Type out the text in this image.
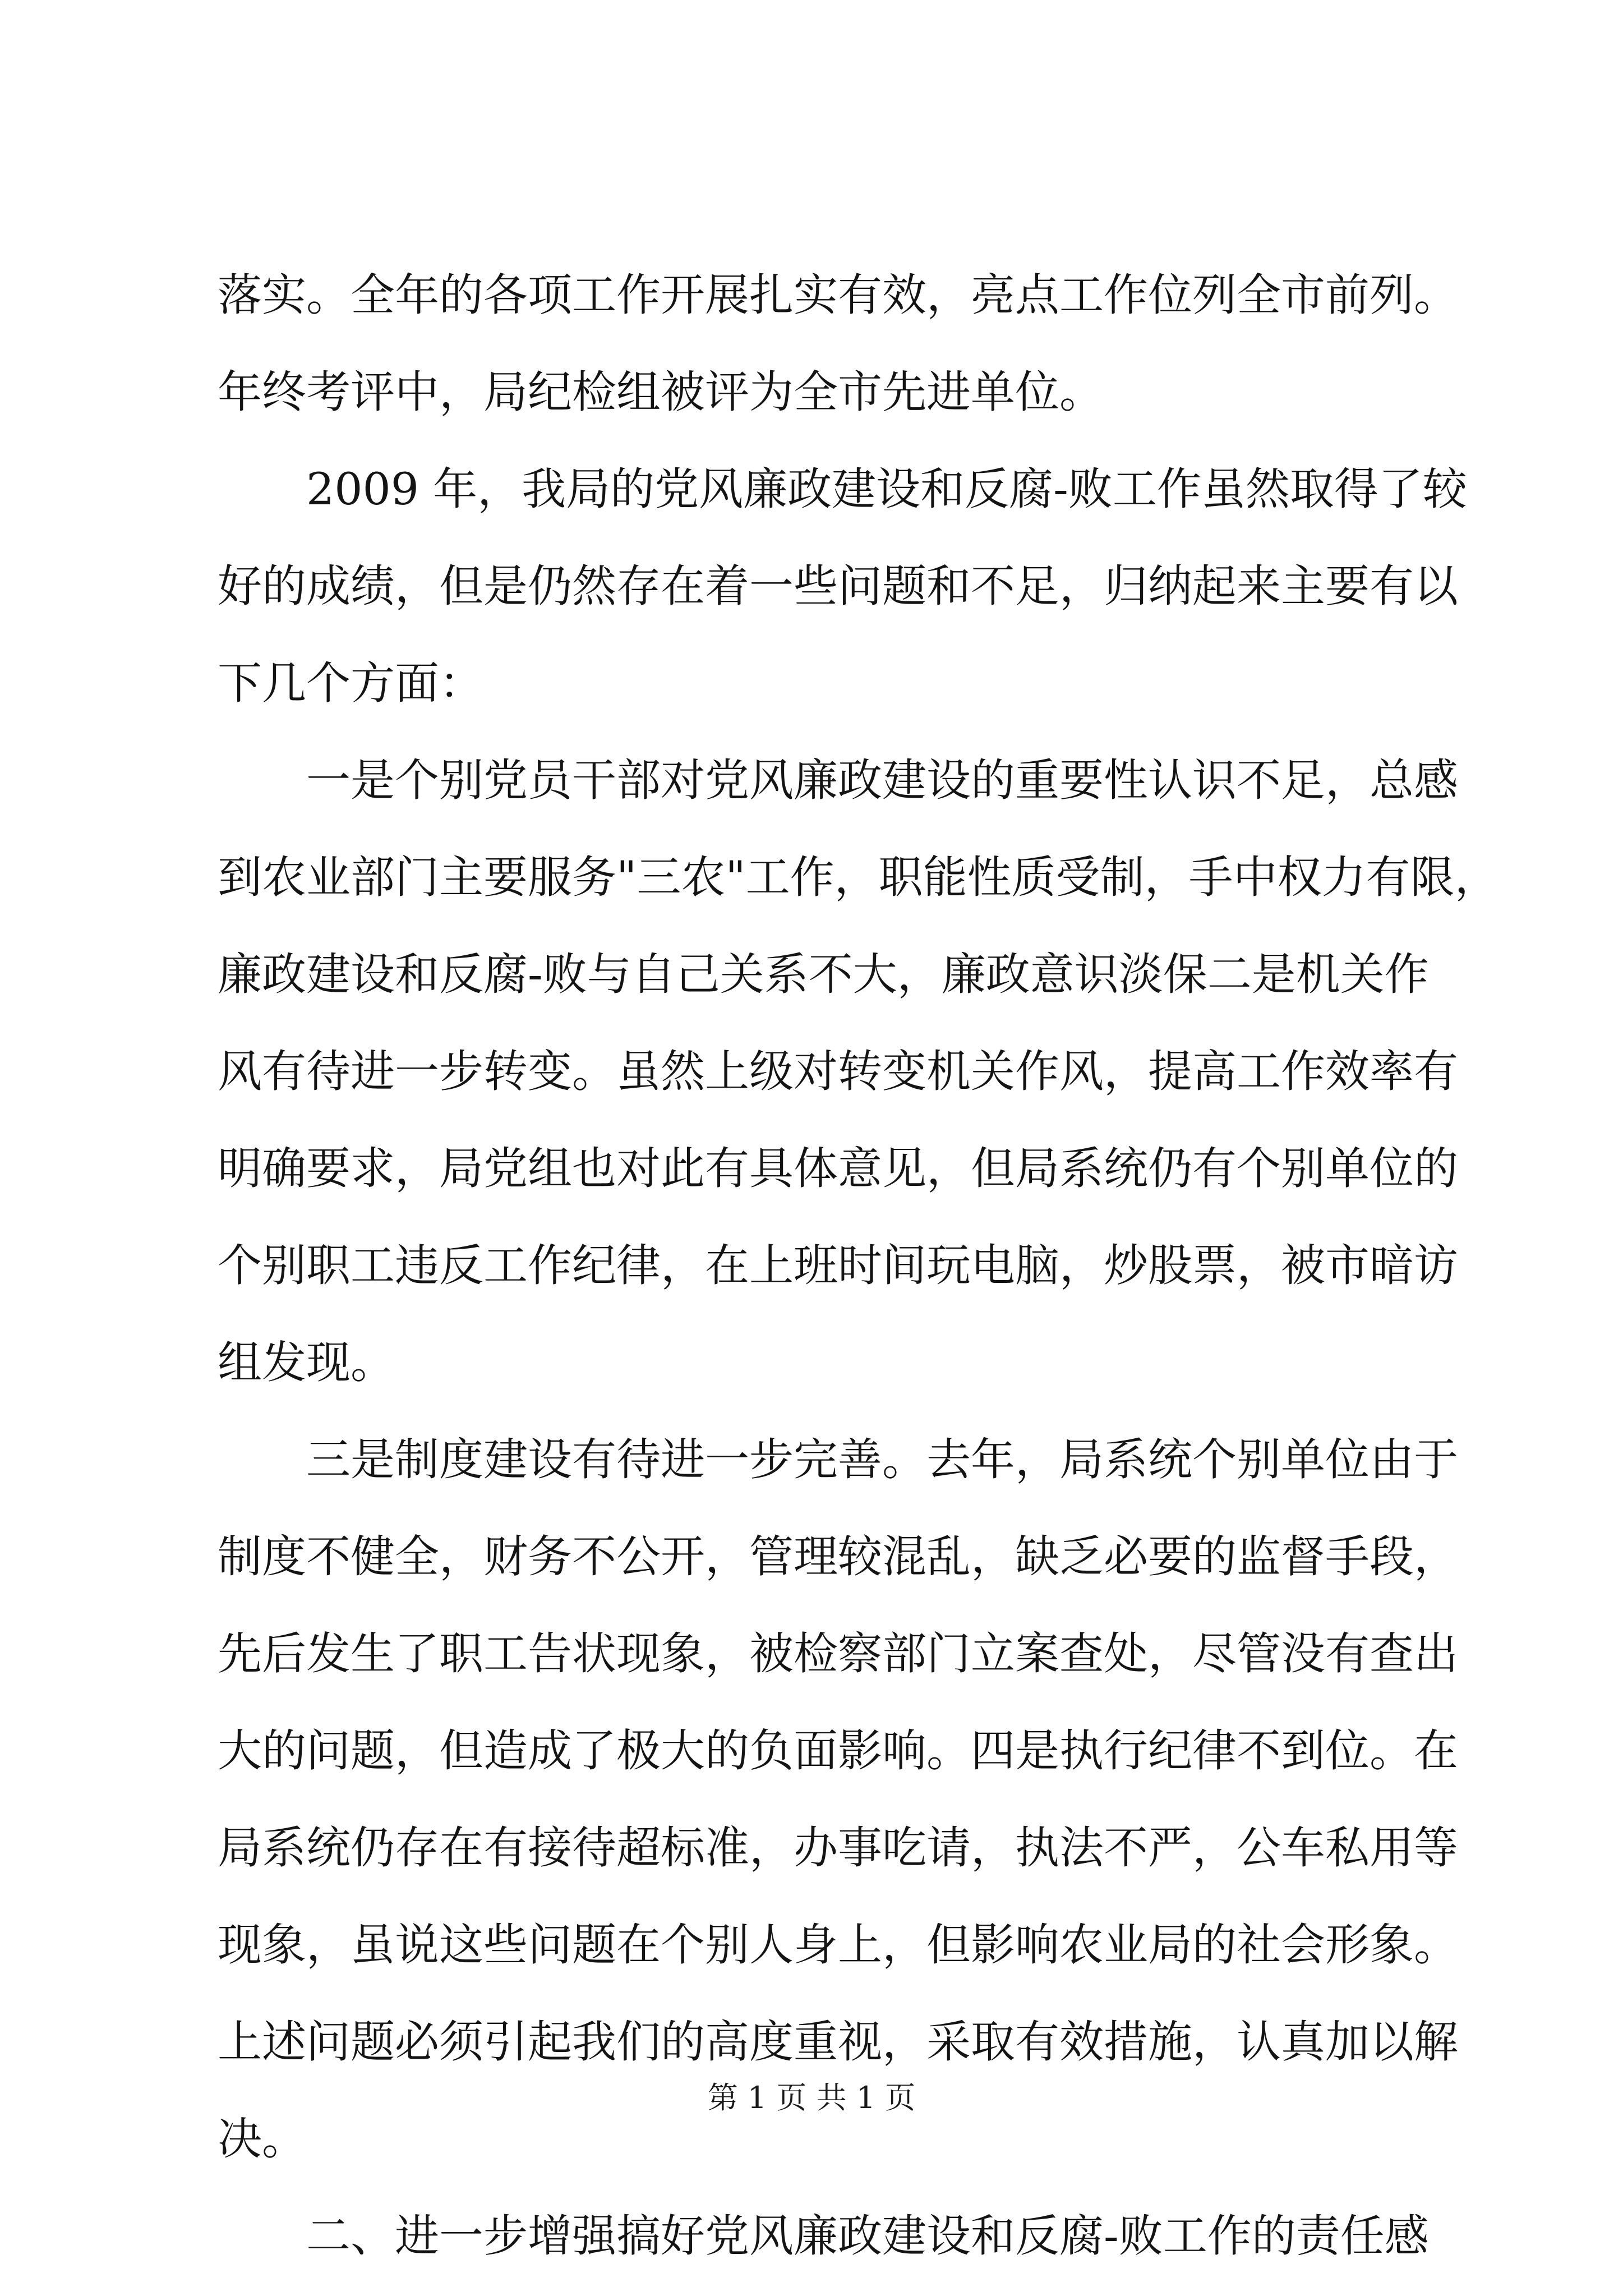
落实。全年的各项工作开展扎实有效，亮点工作位列全市前列。
年终考评中，局纪检组被评为全市先进单位。
2009 年，我局的党风廉政建设和反腐-败工作虽然取得了较
好的成绩，但是仍然存在着一些问题和不足，归纳起来主要有以
下几个方面：
一是个别党员干部对党风廉政建设的重要性认识不足，总感
到农业部门主要服务"三农"工作，职能性质受制，手中权力有限，
廉政建设和反腐-败与自己关系不大，廉政意识淡保二是机关作
风有待进一步转变。虽然上级对转变机关作风，提高工作效率有
明确要求，局党组也对此有具体意见，但局系统仍有个别单位的
个别职工违反工作纪律，在上班时间玩电脑，炒股票，被市暗访
组发现。
三是制度建设有待进一步完善。去年，局系统个别单位由于
制度不健全，财务不公开，管理较混乱，缺乏必要的监督手段，
先后发生了职工告状现象，被检察部门立案查处，尽管没有查出
大的问题，但造成了极大的负面影响。四是执行纪律不到位。在
局系统仍存在有接待超标准，办事吃请，执法不严，公车私用等
现象，虽说这些问题在个别人身上，但影响农业局的社会形象。
上述问题必须引起我们的高度重视，采取有效措施，认真加以解
决。
二、进一步增强搞好党风廉政建设和反腐-败工作的责任感
第 1 页 共 1 页
